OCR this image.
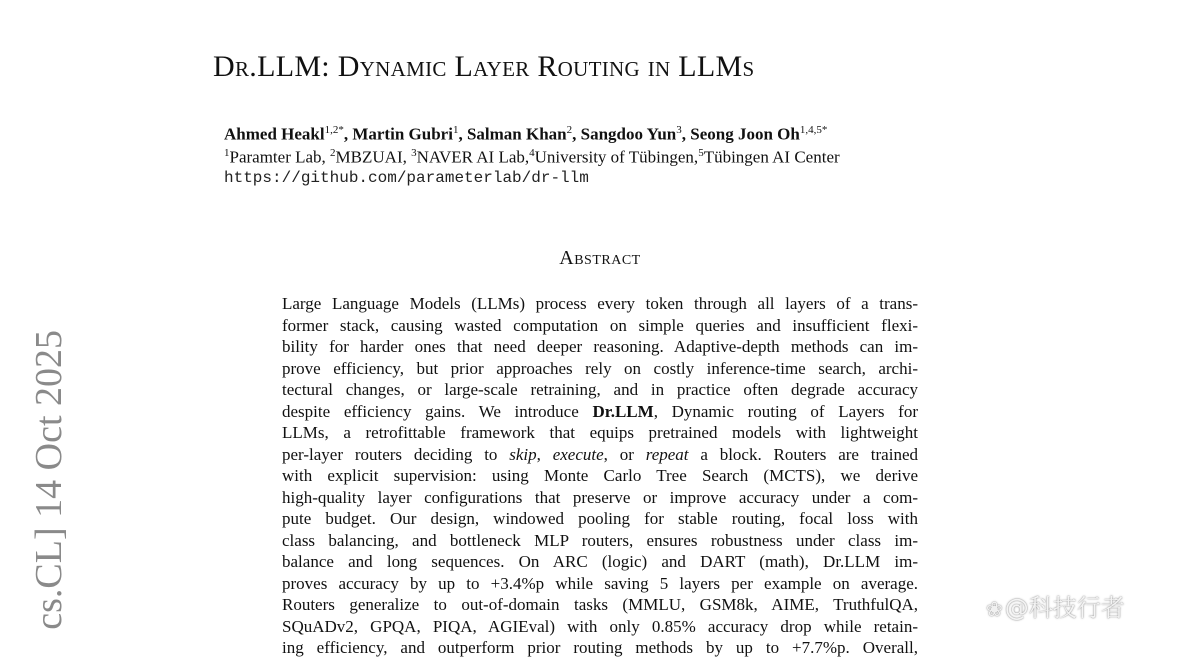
Dr.LLM: Dynamic Layer Routing in LLMs
Ahmed Heakl$^{1,2*}$, Martin Gubri$^1$, Salman Khan$^2$, Sangdoo Yun$^3$, Seong Joon $Oh^{1,4,5*}$
$^1$Paramter Lab, $^2$MBZUAI, $^3$NAVER AI Lab,$^4$University of Tübingen,$^5$Tübingen AI Center
https://github.com/parameterlab/dr-llm
Abstract
Large Language Models (LLMs) process every token through all layers of a trans-
former stack, causing wasted computation on simple queries and insufficient flexi-
bility for harder ones that need deeper reasoning. Adaptive-depth methods can im-
prove efficiency, but prior approaches rely on costly inference-time search, archi-
tectural changes, or large-scale retraining, and in practice often degrade accuracy
despite efficiency gains. We introduce Dr.LLM, Dynamic routing of Layers for
LLMs, a retrofittable framework that equips pretrained models with lightweight
per-layer routers deciding to skip, execute, or repeat a block. Routers are trained
with explicit supervision: using Monte Carlo Tree Search (MCTS), we derive
high-quality layer configurations that preserve or improve accuracy under a com-
pute budget. Our design, windowed pooling for stable routing, focal loss with
class balancing, and bottleneck MLP routers, ensures robustness under class im-
balance and long sequences. On ARC (logic) and DART (math), Dr.LLM im-
proves accuracy by up to +3.4%p while saving 5 layers per example on average.
Routers generalize to out-of-domain tasks (MMLU, GSM8k, AIME, TruthfulQA,
SQuADv2, GPQA, PIQA, AGIEval) with only 0.85% accuracy drop while retain-
ing efficiency, and outperform prior routing methods by up to +7.7%p. Overall,
cs.CL] 14 Oct 2025	❀@科技行者
